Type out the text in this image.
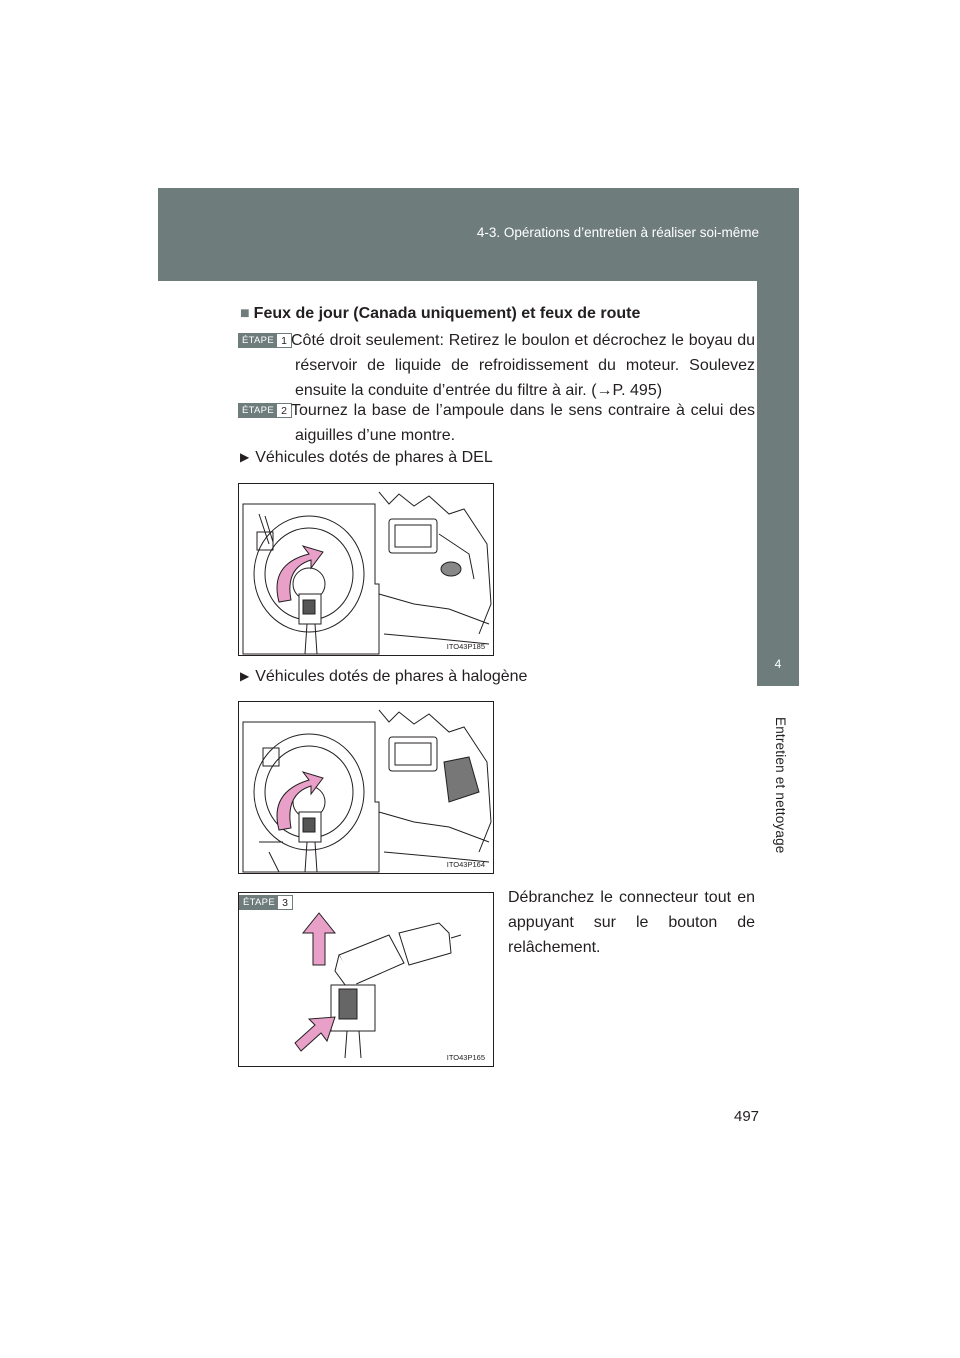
4-3. Opérations d’entretien à réaliser soi-même
4
Entretien et nettoyage
■ Feux de jour (Canada uniquement) et feux de route
ÉTAPE 1 Côté droit seulement: Retirez le boulon et décrochez le boyau du réservoir de liquide de refroidissement du moteur. Soulevez ensuite la conduite d’entrée du filtre à air. (→P. 495)
ÉTAPE 2 Tournez la base de l’ampoule dans le sens contraire à celui des aiguilles d’une montre.
▶ Véhicules dotés de phares à DEL
ITO43P185
▶ Véhicules dotés de phares à halogène
ITO43P164
ÉTAPE 3
ITO43P165
Débranchez le connecteur tout en appuyant sur le bouton de relâchement.
497
